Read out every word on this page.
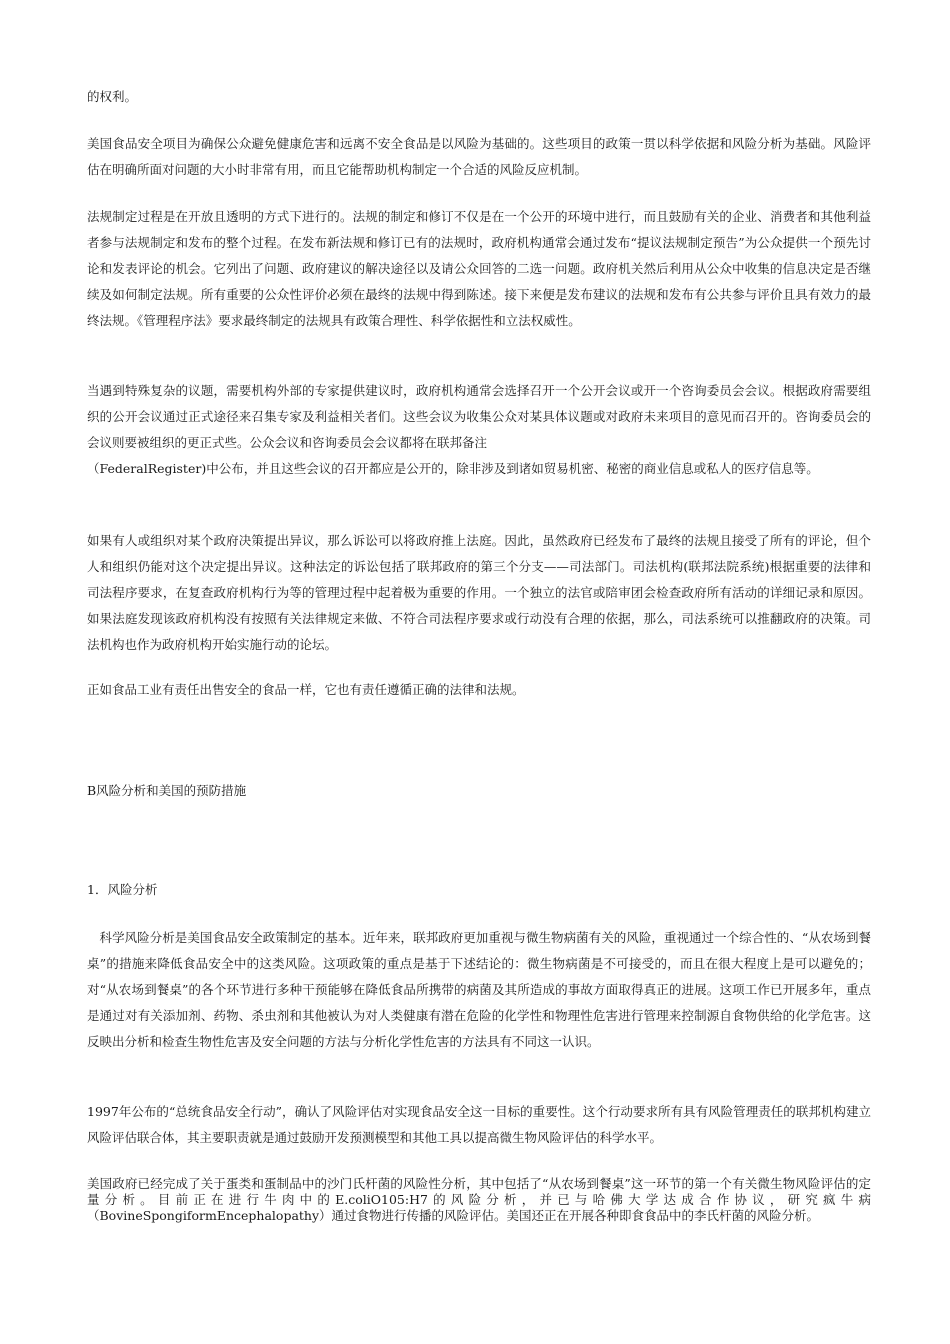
的权利。

美国食品安全项目为确保公众避免健康危害和远离不安全食品是以风险为基础的。这些项目的政策一贯以科学依据和风险分析为基础。风险评估在明确所面对问题的大小时非常有用，而且它能帮助机构制定一个合适的风险反应机制。

法规制定过程是在开放且透明的方式下进行的。法规的制定和修订不仅是在一个公开的环境中进行，而且鼓励有关的企业、消费者和其他利益者参与法规制定和发布的整个过程。在发布新法规和修订已有的法规时，政府机构通常会通过发布“提议法规制定预告”为公众提供一个预先讨论和发表评论的机会。它列出了问题、政府建议的解决途径以及请公众回答的二选一问题。政府机关然后利用从公众中收集的信息决定是否继续及如何制定法规。所有重要的公众性评价必须在最终的法规中得到陈述。接下来便是发布建议的法规和发布有公共参与评价且具有效力的最终法规。《管理程序法》要求最终制定的法规具有政策合理性、科学依据性和立法权威性。

当遇到特殊复杂的议题，需要机构外部的专家提供建议时，政府机构通常会选择召开一个公开会议或开一个咨询委员会会议。根据政府需要组织的公开会议通过正式途径来召集专家及利益相关者们。这些会议为收集公众对某具体议题或对政府未来项目的意见而召开的。咨询委员会的会议则要被组织的更正式些。公众会议和咨询委员会会议都将在联邦备注

（FederalRegister)中公布，并且这些会议的召开都应是公开的，除非涉及到诸如贸易机密、秘密的商业信息或私人的医疗信息等。

如果有人或组织对某个政府决策提出异议，那么诉讼可以将政府推上法庭。因此，虽然政府已经发布了最终的法规且接受了所有的评论，但个人和组织仍能对这个决定提出异议。这种法定的诉讼包括了联邦政府的第三个分支——司法部门。司法机构(联邦法院系统)根据重要的法律和司法程序要求，在复查政府机构行为等的管理过程中起着极为重要的作用。一个独立的法官或陪审团会检查政府所有活动的详细记录和原因。如果法庭发现该政府机构没有按照有关法律规定来做、不符合司法程序要求或行动没有合理的依据，那么，司法系统可以推翻政府的决策。司法机构也作为政府机构开始实施行动的论坛。

正如食品工业有责任出售安全的食品一样，它也有责任遵循正确的法律和法规。

B风险分析和美国的预防措施

1．风险分析

　科学风险分析是美国食品安全政策制定的基本。近年来，联邦政府更加重视与微生物病菌有关的风险，重视通过一个综合性的、“从农场到餐桌”的措施来降低食品安全中的这类风险。这项政策的重点是基于下述结论的：微生物病菌是不可接受的，而且在很大程度上是可以避免的；对“从农场到餐桌”的各个环节进行多种干预能够在降低食品所携带的病菌及其所造成的事故方面取得真正的进展。这项工作已开展多年，重点是通过对有关添加剂、药物、杀虫剂和其他被认为对人类健康有潜在危险的化学性和物理性危害进行管理来控制源自食物供给的化学危害。这反映出分析和检查生物性危害及安全问题的方法与分析化学性危害的方法具有不同这一认识。

1997年公布的“总统食品安全行动”，确认了风险评估对实现食品安全这一目标的重要性。这个行动要求所有具有风险管理责任的联邦机构建立风险评估联合体，其主要职责就是通过鼓励开发预测模型和其他工具以提高微生物风险评估的科学水平。

美国政府已经完成了关于蛋类和蛋制品中的沙门氏杆菌的风险性分析，其中包括了“从农场到餐桌”这一环节的第一个有关微生物风险评估的定量分析。目前正在进行牛肉中的E.coliO105:H7的风险分析，并已与哈佛大学达成合作协议，研究疯牛病（BovineSpongiformEncephalopathy）通过食物进行传播的风险评估。美国还正在开展各种即食食品中的李氏杆菌的风险分析。
